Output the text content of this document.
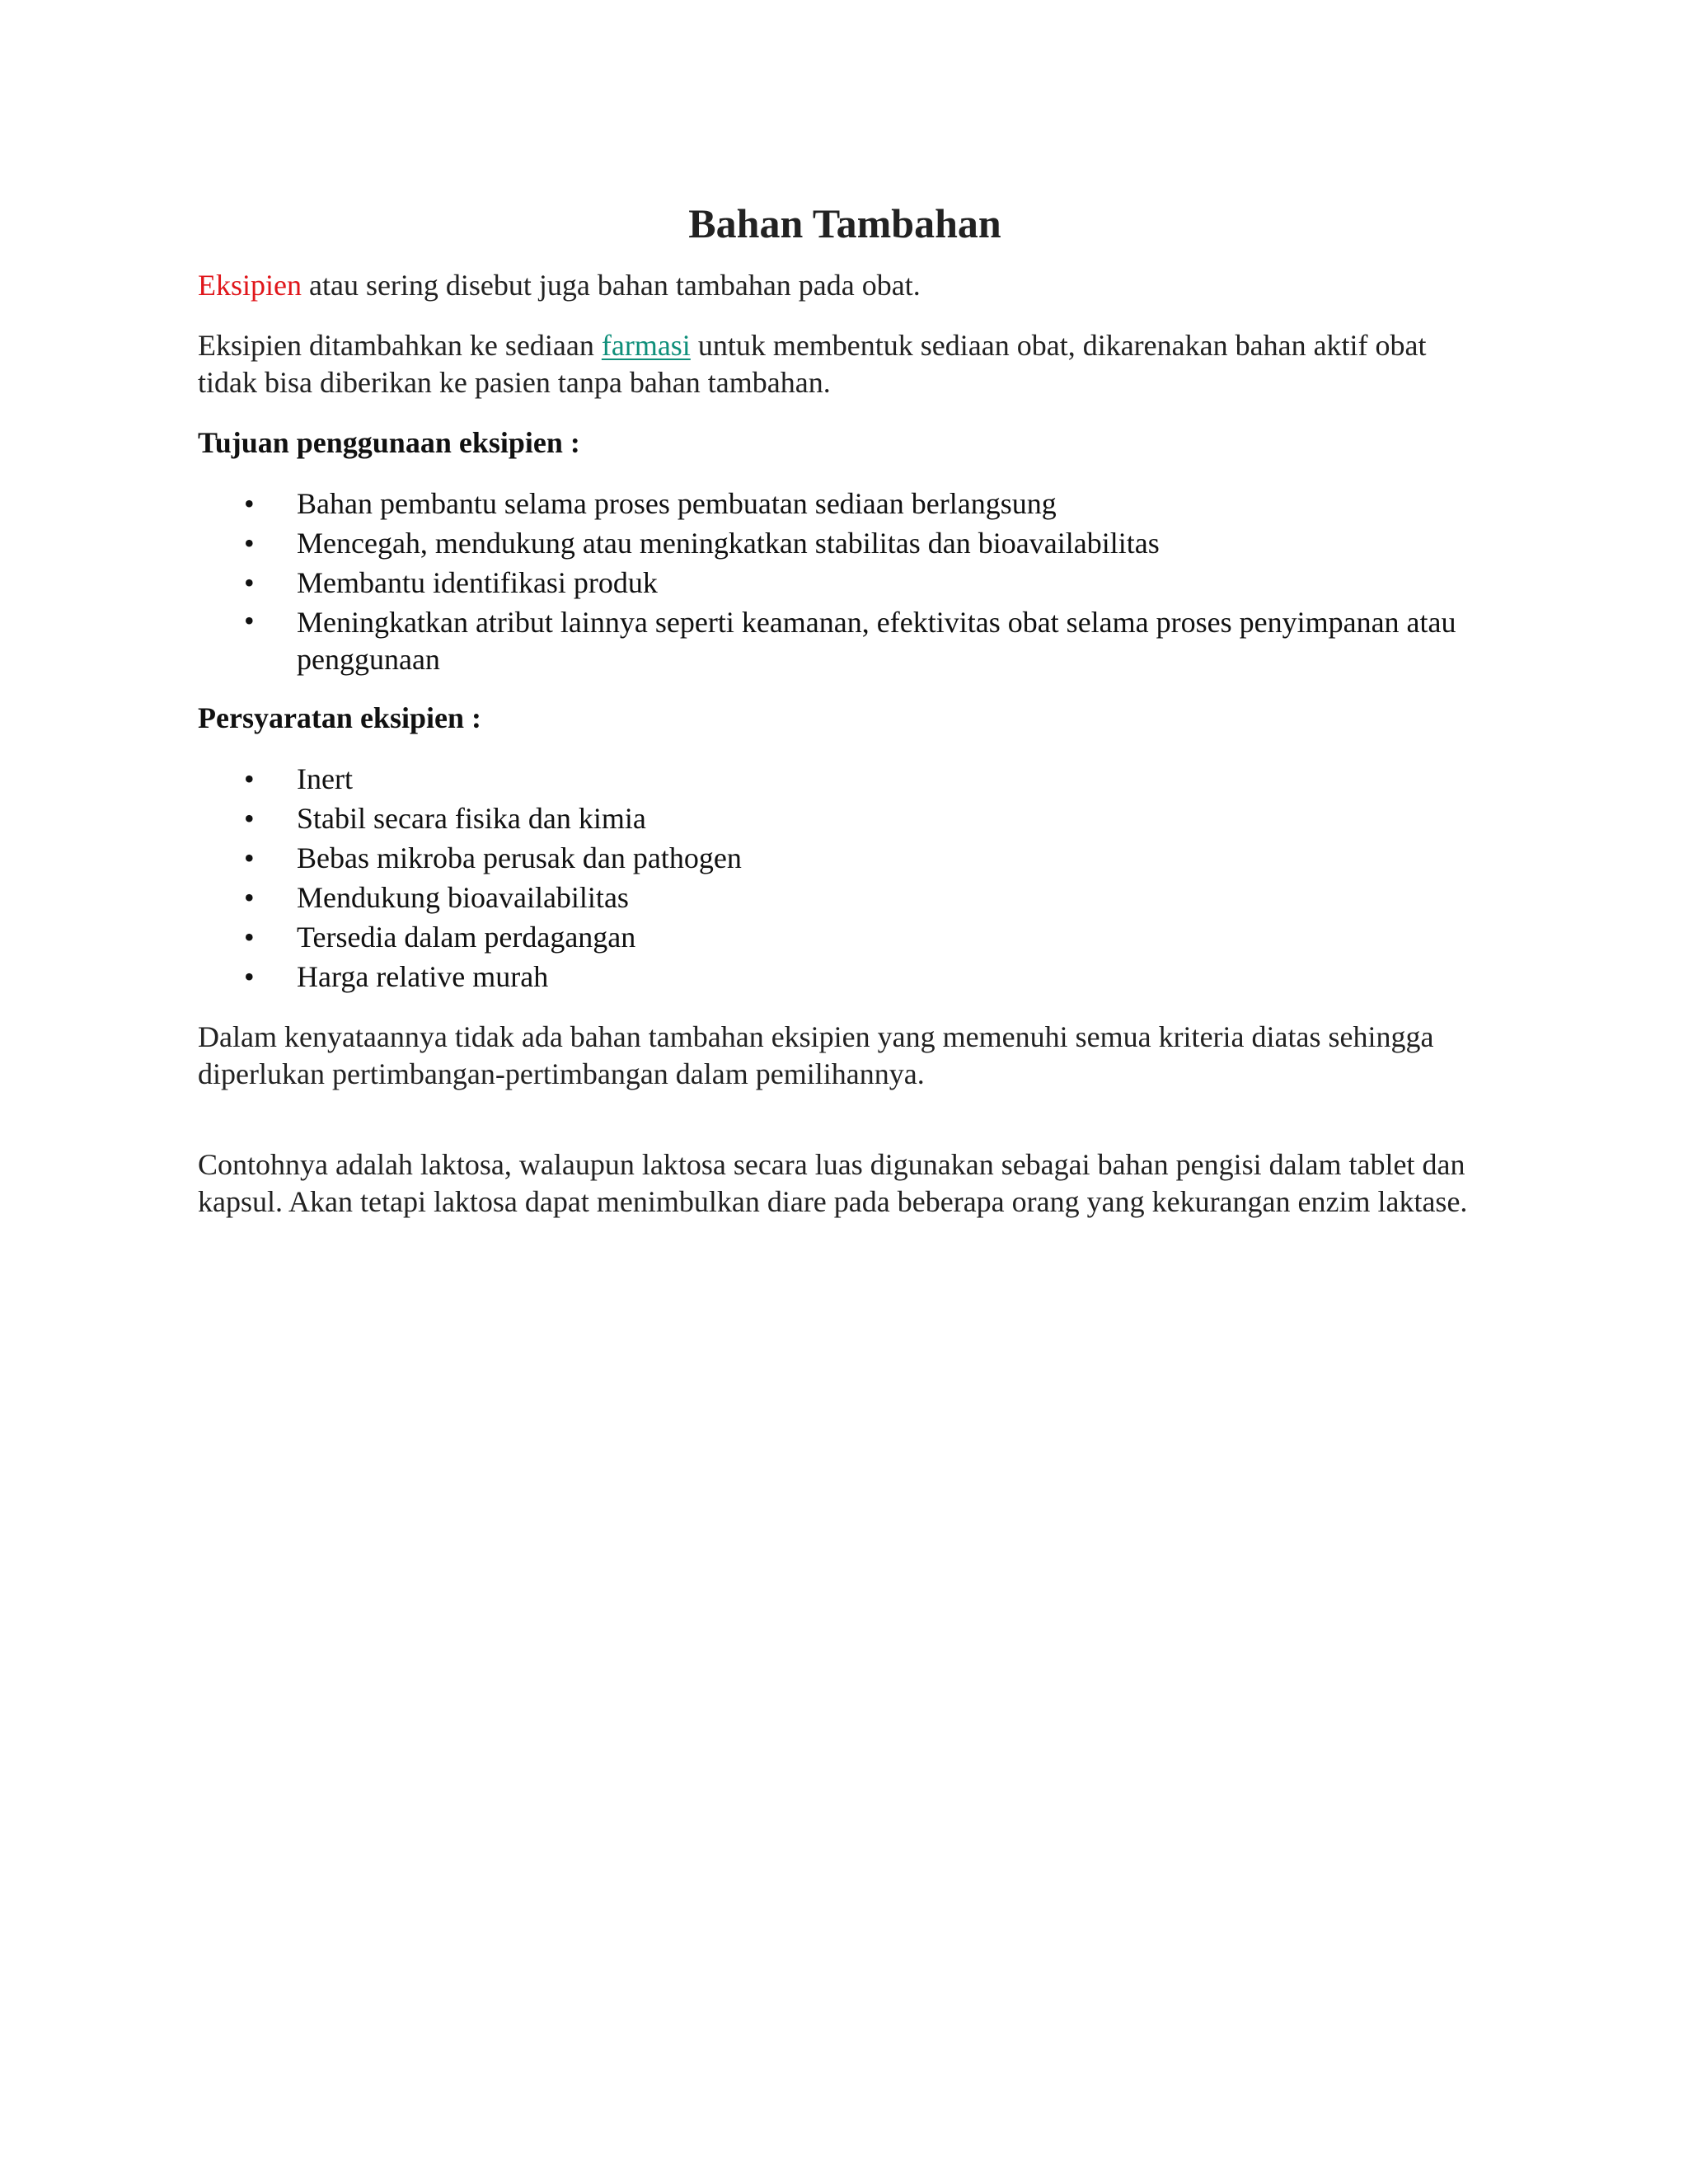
Bahan Tambahan

Eksipien atau sering disebut juga bahan tambahan pada obat.

Eksipien ditambahkan ke sediaan farmasi untuk membentuk sediaan obat, dikarenakan bahan aktif obat tidak bisa diberikan ke pasien tanpa bahan tambahan.

Tujuan penggunaan eksipien :

• Bahan pembantu selama proses pembuatan sediaan berlangsung
• Mencegah, mendukung atau meningkatkan stabilitas dan bioavailabilitas
• Membantu identifikasi produk
• Meningkatkan atribut lainnya seperti keamanan, efektivitas obat selama proses penyimpanan atau penggunaan

Persyaratan eksipien :

• Inert
• Stabil secara fisika dan kimia
• Bebas mikroba perusak dan pathogen
• Mendukung bioavailabilitas
• Tersedia dalam perdagangan
• Harga relative murah

Dalam kenyataannya tidak ada bahan tambahan eksipien yang memenuhi semua kriteria diatas sehingga diperlukan pertimbangan-pertimbangan dalam pemilihannya.

Contohnya adalah laktosa, walaupun laktosa secara luas digunakan sebagai bahan pengisi dalam tablet dan kapsul. Akan tetapi laktosa dapat menimbulkan diare pada beberapa orang yang kekurangan enzim laktase.
